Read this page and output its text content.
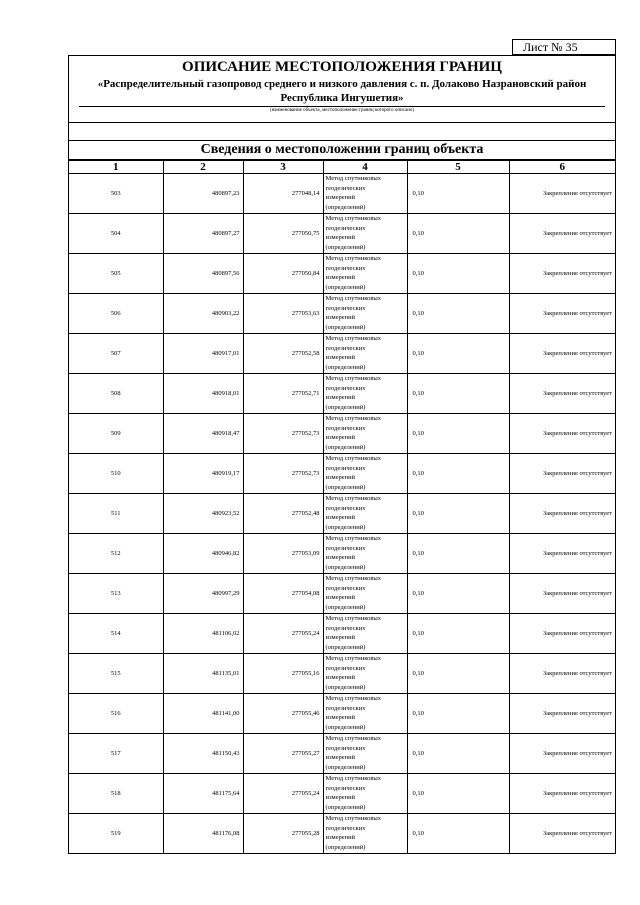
Лист № 35
ОПИСАНИЕ МЕСТОПОЛОЖЕНИЯ ГРАНИЦ
«Распределительный газопровод среднего и низкого давления с. п. Долаково Назрановский район Республика Ингушетия»
(наименование объекта, местоположение границ которого описано)
Сведения о местоположении границ объекта
1	2	3	4	5	6
503	480897,23	277048,14	Метод спутниковых
геодезических
измерений
(определений)	0,10	Закрепление отсутствует
504	480897,27	277050,75	Метод спутниковых
геодезических
измерений
(определений)	0,10	Закрепление отсутствует
505	480897,56	277050,84	Метод спутниковых
геодезических
измерений
(определений)	0,10	Закрепление отсутствует
506	480903,22	277053,63	Метод спутниковых
геодезических
измерений
(определений)	0,10	Закрепление отсутствует
507	480917,01	277052,58	Метод спутниковых
геодезических
измерений
(определений)	0,10	Закрепление отсутствует
508	480918,01	277052,71	Метод спутниковых
геодезических
измерений
(определений)	0,10	Закрепление отсутствует
509	480918,47	277052,73	Метод спутниковых
геодезических
измерений
(определений)	0,10	Закрепление отсутствует
510	480919,17	277052,73	Метод спутниковых
геодезических
измерений
(определений)	0,10	Закрепление отсутствует
511	480923,52	277052,48	Метод спутниковых
геодезических
измерений
(определений)	0,10	Закрепление отсутствует
512	480946,82	277053,09	Метод спутниковых
геодезических
измерений
(определений)	0,10	Закрепление отсутствует
513	480997,29	277054,08	Метод спутниковых
геодезических
измерений
(определений)	0,10	Закрепление отсутствует
514	481106,02	277055,24	Метод спутниковых
геодезических
измерений
(определений)	0,10	Закрепление отсутствует
515	481135,01	277055,16	Метод спутниковых
геодезических
измерений
(определений)	0,10	Закрепление отсутствует
516	481141,00	277055,46	Метод спутниковых
геодезических
измерений
(определений)	0,10	Закрепление отсутствует
517	481150,43	277055,27	Метод спутниковых
геодезических
измерений
(определений)	0,10	Закрепление отсутствует
518	481175,64	277055,24	Метод спутниковых
геодезических
измерений
(определений)	0,10	Закрепление отсутствует
519	481176,08	277055,28	Метод спутниковых
геодезических
измерений
(определений)	0,10	Закрепление отсутствует
